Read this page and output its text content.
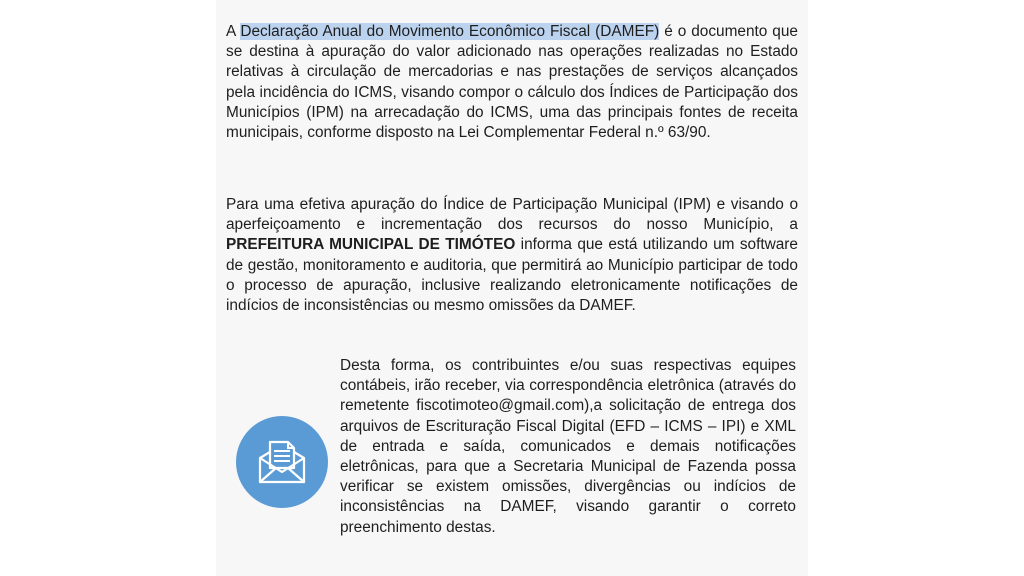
A Declaração Anual do Movimento Econômico Fiscal (DAMEF) é o documento que se destina à apuração do valor adicionado nas operações realizadas no Estado relativas à circulação de mercadorias e nas prestações de serviços alcançados pela incidência do ICMS, visando compor o cálculo dos Índices de Participação dos Municípios (IPM) na arrecadação do ICMS, uma das principais fontes de receita municipais, conforme disposto na Lei Complementar Federal n.º 63/90.

Para uma efetiva apuração do Índice de Participação Municipal (IPM) e visando o aperfeiçoamento e incrementação dos recursos do nosso Município, a PREFEITURA MUNICIPAL DE TIMÓTEO informa que está utilizando um software de gestão, monitoramento e auditoria, que permitirá ao Município participar de todo o processo de apuração, inclusive realizando eletronicamente notificações de indícios de inconsistências ou mesmo omissões da DAMEF.

Desta forma, os contribuintes e/ou suas respectivas equipes contábeis, irão receber, via correspondência eletrônica (através do remetente fiscotimoteo@gmail.com),a solicitação de entrega dos arquivos de Escrituração Fiscal Digital (EFD – ICMS – IPI) e XML de entrada e saída, comunicados e demais notificações eletrônicas, para que a Secretaria Municipal de Fazenda possa verificar se existem omissões, divergências ou indícios de inconsistências na DAMEF, visando garantir o correto preenchimento destas.
